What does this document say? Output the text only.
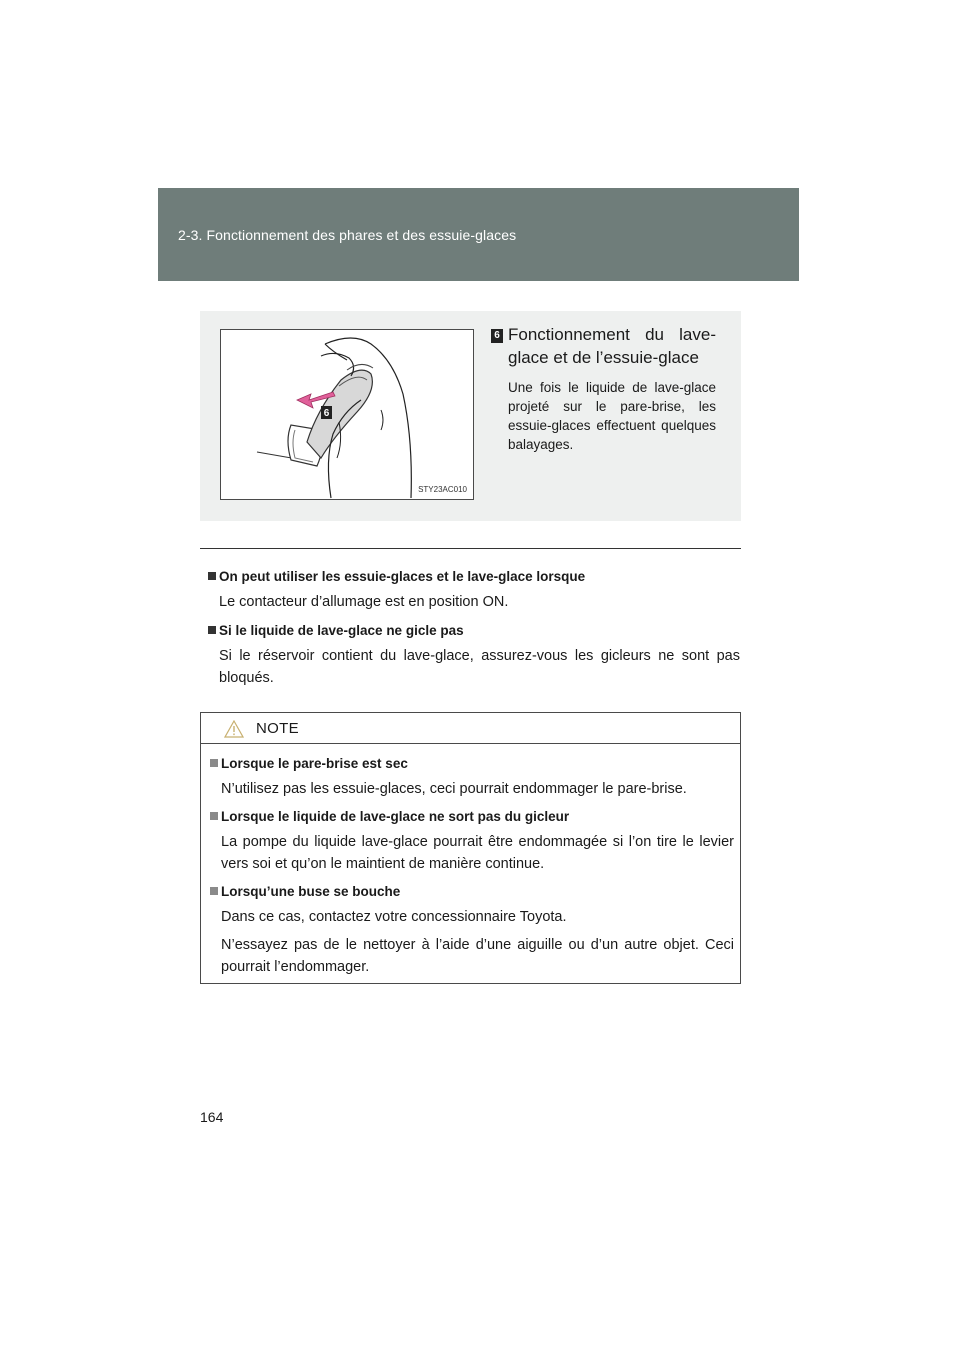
2-3. Fonctionnement des phares et des essuie-glaces
6
STY23AC010
6 Fonctionnement du lave-glace et de l’essuie-glace
Une fois le liquide de lave-glace projeté sur le pare-brise, les essuie-glaces effectuent quelques balayages.
On peut utiliser les essuie-glaces et le lave-glace lorsque
Le contacteur d’allumage est en position ON.
Si le liquide de lave-glace ne gicle pas
Si le réservoir contient du lave-glace, assurez-vous les gicleurs ne sont pas bloqués.
NOTE
Lorsque le pare-brise est sec
N’utilisez pas les essuie-glaces, ceci pourrait endommager le pare-brise.
Lorsque le liquide de lave-glace ne sort pas du gicleur
La pompe du liquide lave-glace pourrait être endommagée si l’on tire le levier vers soi et qu’on le maintient de manière continue.
Lorsqu’une buse se bouche
Dans ce cas, contactez votre concessionnaire Toyota.
N’essayez pas de le nettoyer à l’aide d’une aiguille ou d’un autre objet. Ceci pourrait l’endommager.
164
